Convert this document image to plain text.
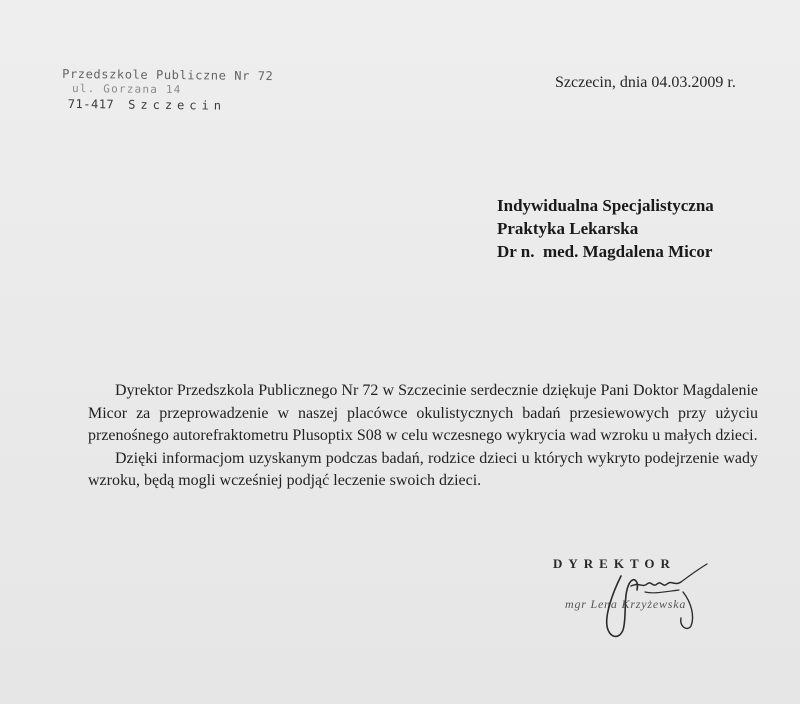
Przedszkole Publiczne Nr 72
ul. Gorzana 14
71-417 Szczecin
Szczecin, dnia 04.03.2009 r.
Indywidualna Specjalistyczna
Praktyka Lekarska
Dr n.  med. Magdalena Micor

Dyrektor Przedszkola Publicznego Nr 72 w Szczecinie serdecznie dziękuje Pani Doktor Magdalenie Micor za przeprowadzenie w naszej placówce okulistycznych badań przesiewowych przy użyciu przenośnego autorefraktometru Plusoptix S08 w celu wczesnego wykrycia wad wzroku u małych dzieci.

Dzięki informacjom uzyskanym podczas badań, rodzice dzieci u których wykryto podejrzenie wady wzroku, będą mogli wcześniej podjąć leczenie swoich dzieci.

DYREKTOR
mgr Lena Krzyżewska
